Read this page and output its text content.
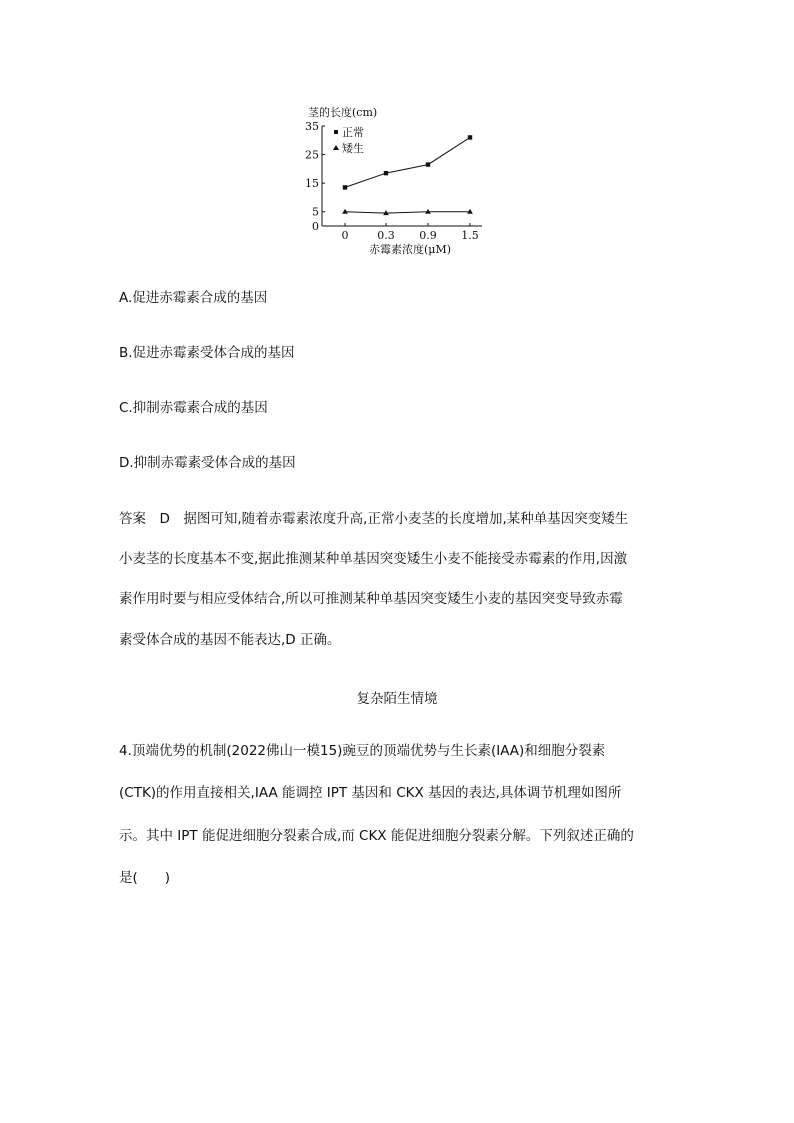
茎的长度(cm)
赤霉素浓度(μM)
35
25
15
5
0
0	0.3 0.9 1.5
正常
矮生
A.促进赤霉素合成的基因
B.促进赤霉素受体合成的基因
C.抑制赤霉素合成的基因
D.抑制赤霉素受体合成的基因
答案　D　据图可知,随着赤霉素浓度升高,正常小麦茎的长度增加,某种单基因突变矮生
小麦茎的长度基本不变,据此推测某种单基因突变矮生小麦不能接受赤霉素的作用,因激
素作用时要与相应受体结合,所以可推测某种单基因突变矮生小麦的基因突变导致赤霉
素受体合成的基因不能表达,D 正确。
复杂陌生情境
4.顶端优势的机制(2022佛山一模15)豌豆的顶端优势与生长素(IAA)和细胞分裂素
(CTK)的作用直接相关,IAA 能调控 IPT 基因和 CKX 基因的表达,具体调节机理如图所
示。其中 IPT 能促进细胞分裂素合成,而 CKX 能促进细胞分裂素分解。下列叙述正确的
是(　　)
